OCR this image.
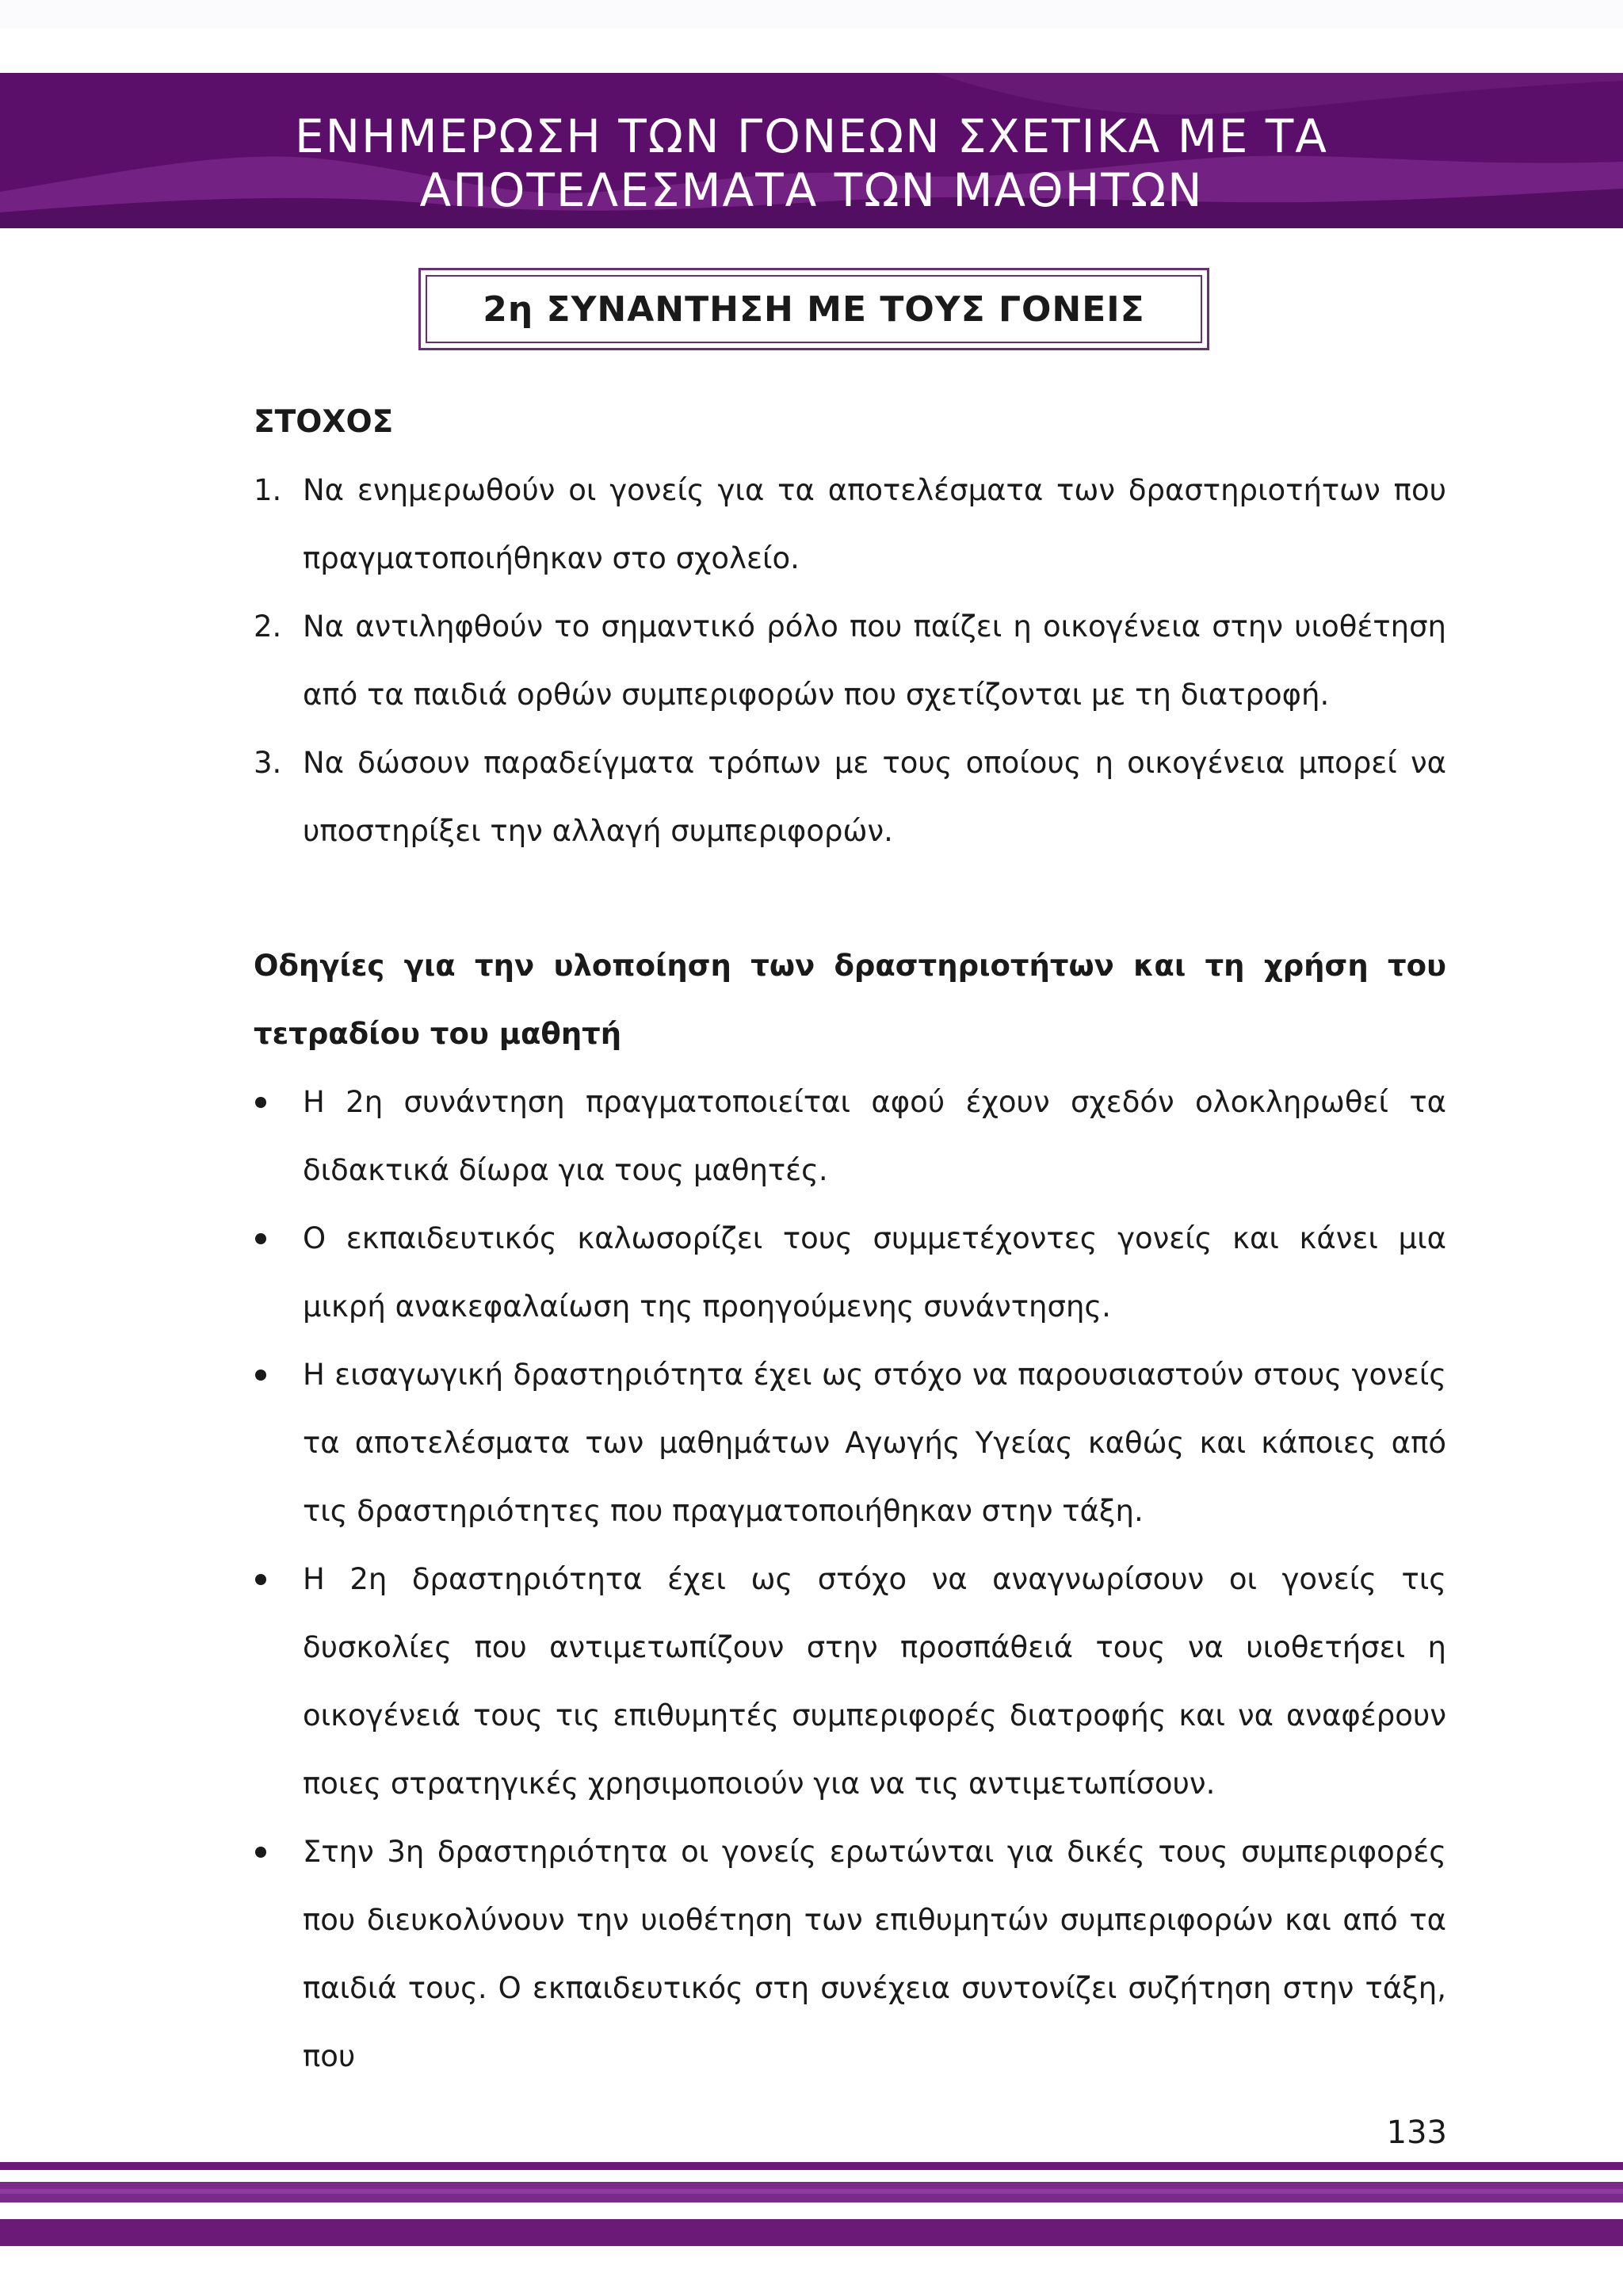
ΕΝΗΜΕΡΩΣΗ ΤΩΝ ΓΟΝΕΩΝ ΣΧΕΤΙΚΑ ΜΕ ΤΑ
ΑΠΟΤΕΛΕΣΜΑΤΑ ΤΩΝ ΜΑΘΗΤΩΝ
2η ΣΥΝΑΝΤΗΣΗ ΜΕ ΤΟΥΣ ΓΟΝΕΙΣ
ΣΤΟΧΟΣ
1. Να ενημερωθούν οι γονείς για τα αποτελέσματα των δραστηριοτήτων που πραγματοποιήθηκαν στο σχολείο.
2. Να αντιληφθούν το σημαντικό ρόλο που παίζει η οικογένεια στην υιοθέτηση από τα παιδιά ορθών συμπεριφορών που σχετίζονται με τη διατροφή.
3. Να δώσουν παραδείγματα τρόπων με τους οποίους η οικογένεια μπορεί να υποστηρίξει την αλλαγή συμπεριφορών.
Οδηγίες για την υλοποίηση των δραστηριοτήτων και τη χρήση του τετραδίου του μαθητή
Η 2η συνάντηση πραγματοποιείται αφού έχουν σχεδόν ολοκληρωθεί τα διδακτικά δίωρα για τους μαθητές.
Ο εκπαιδευτικός καλωσορίζει τους συμμετέχοντες γονείς και κάνει μια μικρή ανακεφαλαίωση της προηγούμενης συνάντησης.
Η εισαγωγική δραστηριότητα έχει ως στόχο να παρουσιαστούν στους γονείς τα αποτελέσματα των μαθημάτων Αγωγής Υγείας καθώς και κάποιες από τις δραστηριότητες που πραγματοποιήθηκαν στην τάξη.
Η 2η δραστηριότητα έχει ως στόχο να αναγνωρίσουν οι γονείς τις δυσκολίες που αντιμετωπίζουν στην προσπάθειά τους να υιοθετήσει η οικογένειά τους τις επιθυμητές συμπεριφορές διατροφής και να αναφέρουν ποιες στρατηγικές χρησιμοποιούν για να τις αντιμετωπίσουν.
Στην 3η δραστηριότητα οι γονείς ερωτώνται για δικές τους συμπεριφορές που διευκολύνουν την υιοθέτηση των επιθυμητών συμπεριφορών και από τα παιδιά τους. Ο εκπαιδευτικός στη συνέχεια συντονίζει συζήτηση στην τάξη, που
133
